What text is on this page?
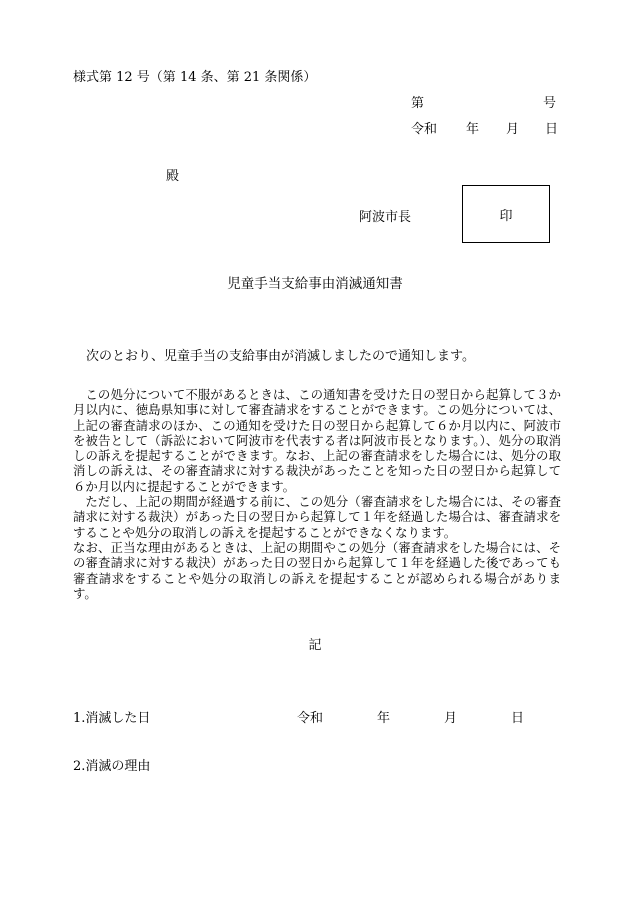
様式第 12 号（第 14 条、第 21 条関係）
第	号
令和 年 月 日
殿
阿波市長	印
児童手当支給事由消滅通知書
次のとおり、児童手当の支給事由が消滅しましたので通知します。

この処分について不服があるときは、この通知書を受けた日の翌日から起算して３か月以内に、徳島県知事に対して審査請求をすることができます。この処分については、上記の審査請求のほか、この通知を受けた日の翌日から起算して６か月以内に、阿波市を被告として（訴訟において阿波市を代表する者は阿波市長となります。）、処分の取消しの訴えを提起することができます。なお、上記の審査請求をした場合には、処分の取消しの訴えは、その審査請求に対する裁決があったことを知った日の翌日から起算して６か月以内に提起することができます。

ただし、上記の期間が経過する前に、この処分（審査請求をした場合には、その審査請求に対する裁決）があった日の翌日から起算して１年を経過した場合は、審査請求をすることや処分の取消しの訴えを提起することができなくなります。

なお、正当な理由があるときは、上記の期間やこの処分（審査請求をした場合には、その審査請求に対する裁決）があった日の翌日から起算して１年を経過した後であっても審査請求をすることや処分の取消しの訴えを提起することが認められる場合があります。

記
1.消滅した日	令和	年	月	日
2.消滅の理由
